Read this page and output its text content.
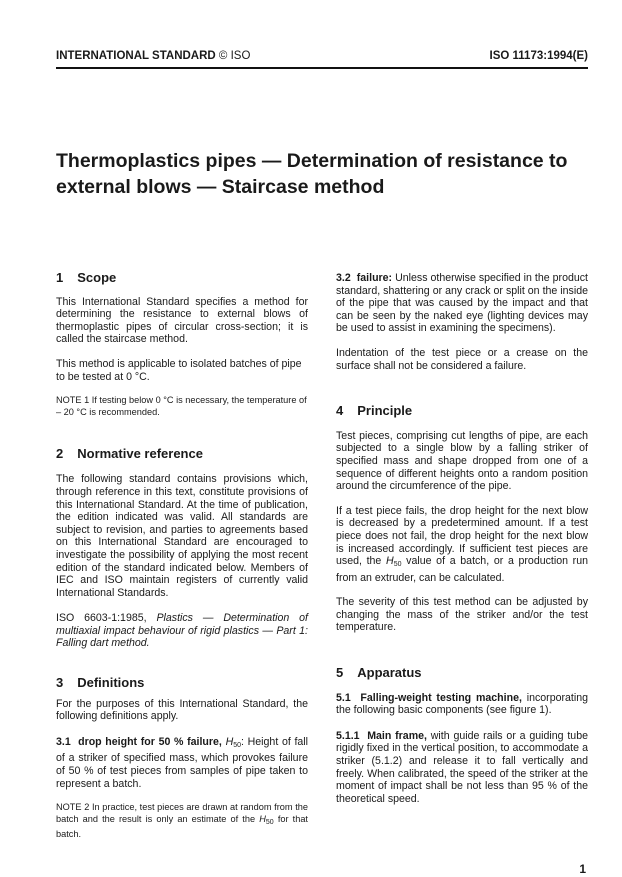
INTERNATIONAL STANDARD © ISO	ISO 11173:1994(E)
Thermoplastics pipes — Determination of resistance to external blows — Staircase method
1 Scope

This International Standard specifies a method for determining the resistance to external blows of thermoplastic pipes of circular cross-section; it is called the staircase method.

This method is applicable to isolated batches of pipe to be tested at 0 °C.

NOTE 1 If testing below 0 °C is necessary, the temperature of – 20 °C is recommended.

2 Normative reference

The following standard contains provisions which, through reference in this text, constitute provisions of this International Standard. At the time of publication, the edition indicated was valid. All standards are subject to revision, and parties to agreements based on this International Standard are encouraged to investigate the possibility of applying the most recent edition of the standard indicated below. Members of IEC and ISO maintain registers of currently valid International Standards.

ISO 6603-1:1985, Plastics — Determination of multiaxial impact behaviour of rigid plastics — Part 1: Falling dart method.

3 Definitions

For the purposes of this International Standard, the following definitions apply.

3.1 drop height for 50 % failure, $H_{50}$: Height of fall of a striker of specified mass, which provokes failure of 50 % of test pieces from samples of pipe taken to represent a batch.

NOTE 2 In practice, test pieces are drawn at random from the batch and the result is only an estimate of the $H_{50}$ for that batch.

3.2 failure: Unless otherwise specified in the product standard, shattering or any crack or split on the inside of the pipe that was caused by the impact and that can be seen by the naked eye (lighting devices may be used to assist in examining the specimens).

Indentation of the test piece or a crease on the surface shall not be considered a failure.

4 Principle

Test pieces, comprising cut lengths of pipe, are each subjected to a single blow by a falling striker of specified mass and shape dropped from one of a sequence of different heights onto a random position around the circumference of the pipe.

If a test piece fails, the drop height for the next blow is decreased by a predetermined amount. If a test piece does not fail, the drop height for the next blow is increased accordingly. If sufficient test pieces are used, the $H_{50}$ value of a batch, or a production run from an extruder, can be calculated.

The severity of this test method can be adjusted by changing the mass of the striker and/or the test temperature.

5 Apparatus

5.1 Falling-weight testing machine, incorporating the following basic components (see figure 1).

5.1.1 Main frame, with guide rails or a guiding tube rigidly fixed in the vertical position, to accommodate a striker (5.1.2) and release it to fall vertically and freely. When calibrated, the speed of the striker at the moment of impact shall be not less than 95 % of the theoretical speed.

1
